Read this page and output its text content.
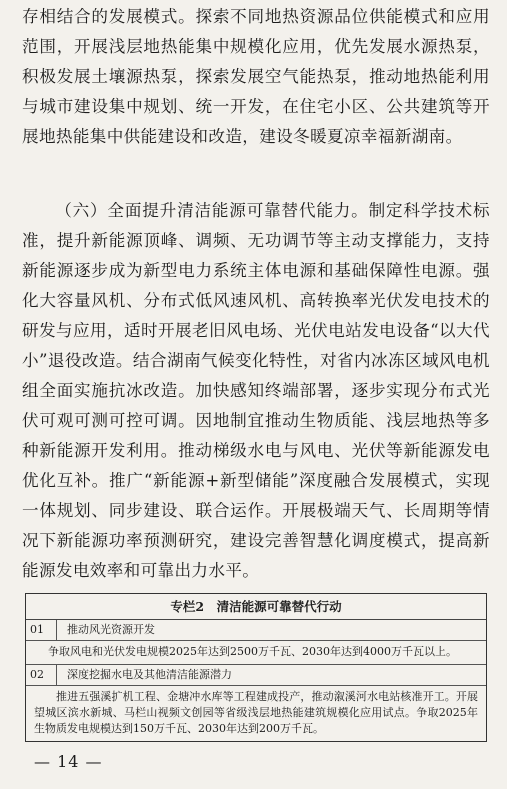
存相结合的发展模式。探索不同地热资源品位供能模式和应用范围，开展浅层地热能集中规模化应用，优先发展水源热泵，积极发展土壤源热泵，探索发展空气能热泵，推动地热能利用与城市建设集中规划、统一开发，在住宅小区、公共建筑等开展地热能集中供能建设和改造，建设冬暖夏凉幸福新湖南。

（六）全面提升清洁能源可靠替代能力。制定科学技术标准，提升新能源顶峰、调频、无功调节等主动支撑能力，支持新能源逐步成为新型电力系统主体电源和基础保障性电源。强化大容量风机、分布式低风速风机、高转换率光伏发电技术的研发与应用，适时开展老旧风电场、光伏电站发电设备“以大代小”退役改造。结合湖南气候变化特性，对省内冰冻区域风电机组全面实施抗冰改造。加快感知终端部署，逐步实现分布式光伏可观可测可控可调。因地制宜推动生物质能、浅层地热等多种新能源开发利用。推动梯级水电与风电、光伏等新能源发电优化互补。推广“新能源+新型储能”深度融合发展模式，实现一体规划、同步建设、联合运作。开展极端天气、长周期等情况下新能源功率预测研究，建设完善智慧化调度模式，提高新能源发电效率和可靠出力水平。

专栏2　清洁能源可靠替代行动
01	推动风光资源开发
争取风电和光伏发电规模2025年达到2500万千瓦、2030年达到4000万千瓦以上。
02	深度挖掘水电及其他清洁能源潜力
推进五强溪扩机工程、金塘冲水库等工程建成投产，推动溆溪河水电站核准开工。开展望城区滨水新城、马栏山视频文创园等省级浅层地热能建筑规模化应用试点。争取2025年生物质发电规模达到150万千瓦、2030年达到200万千瓦。
— 14 —
